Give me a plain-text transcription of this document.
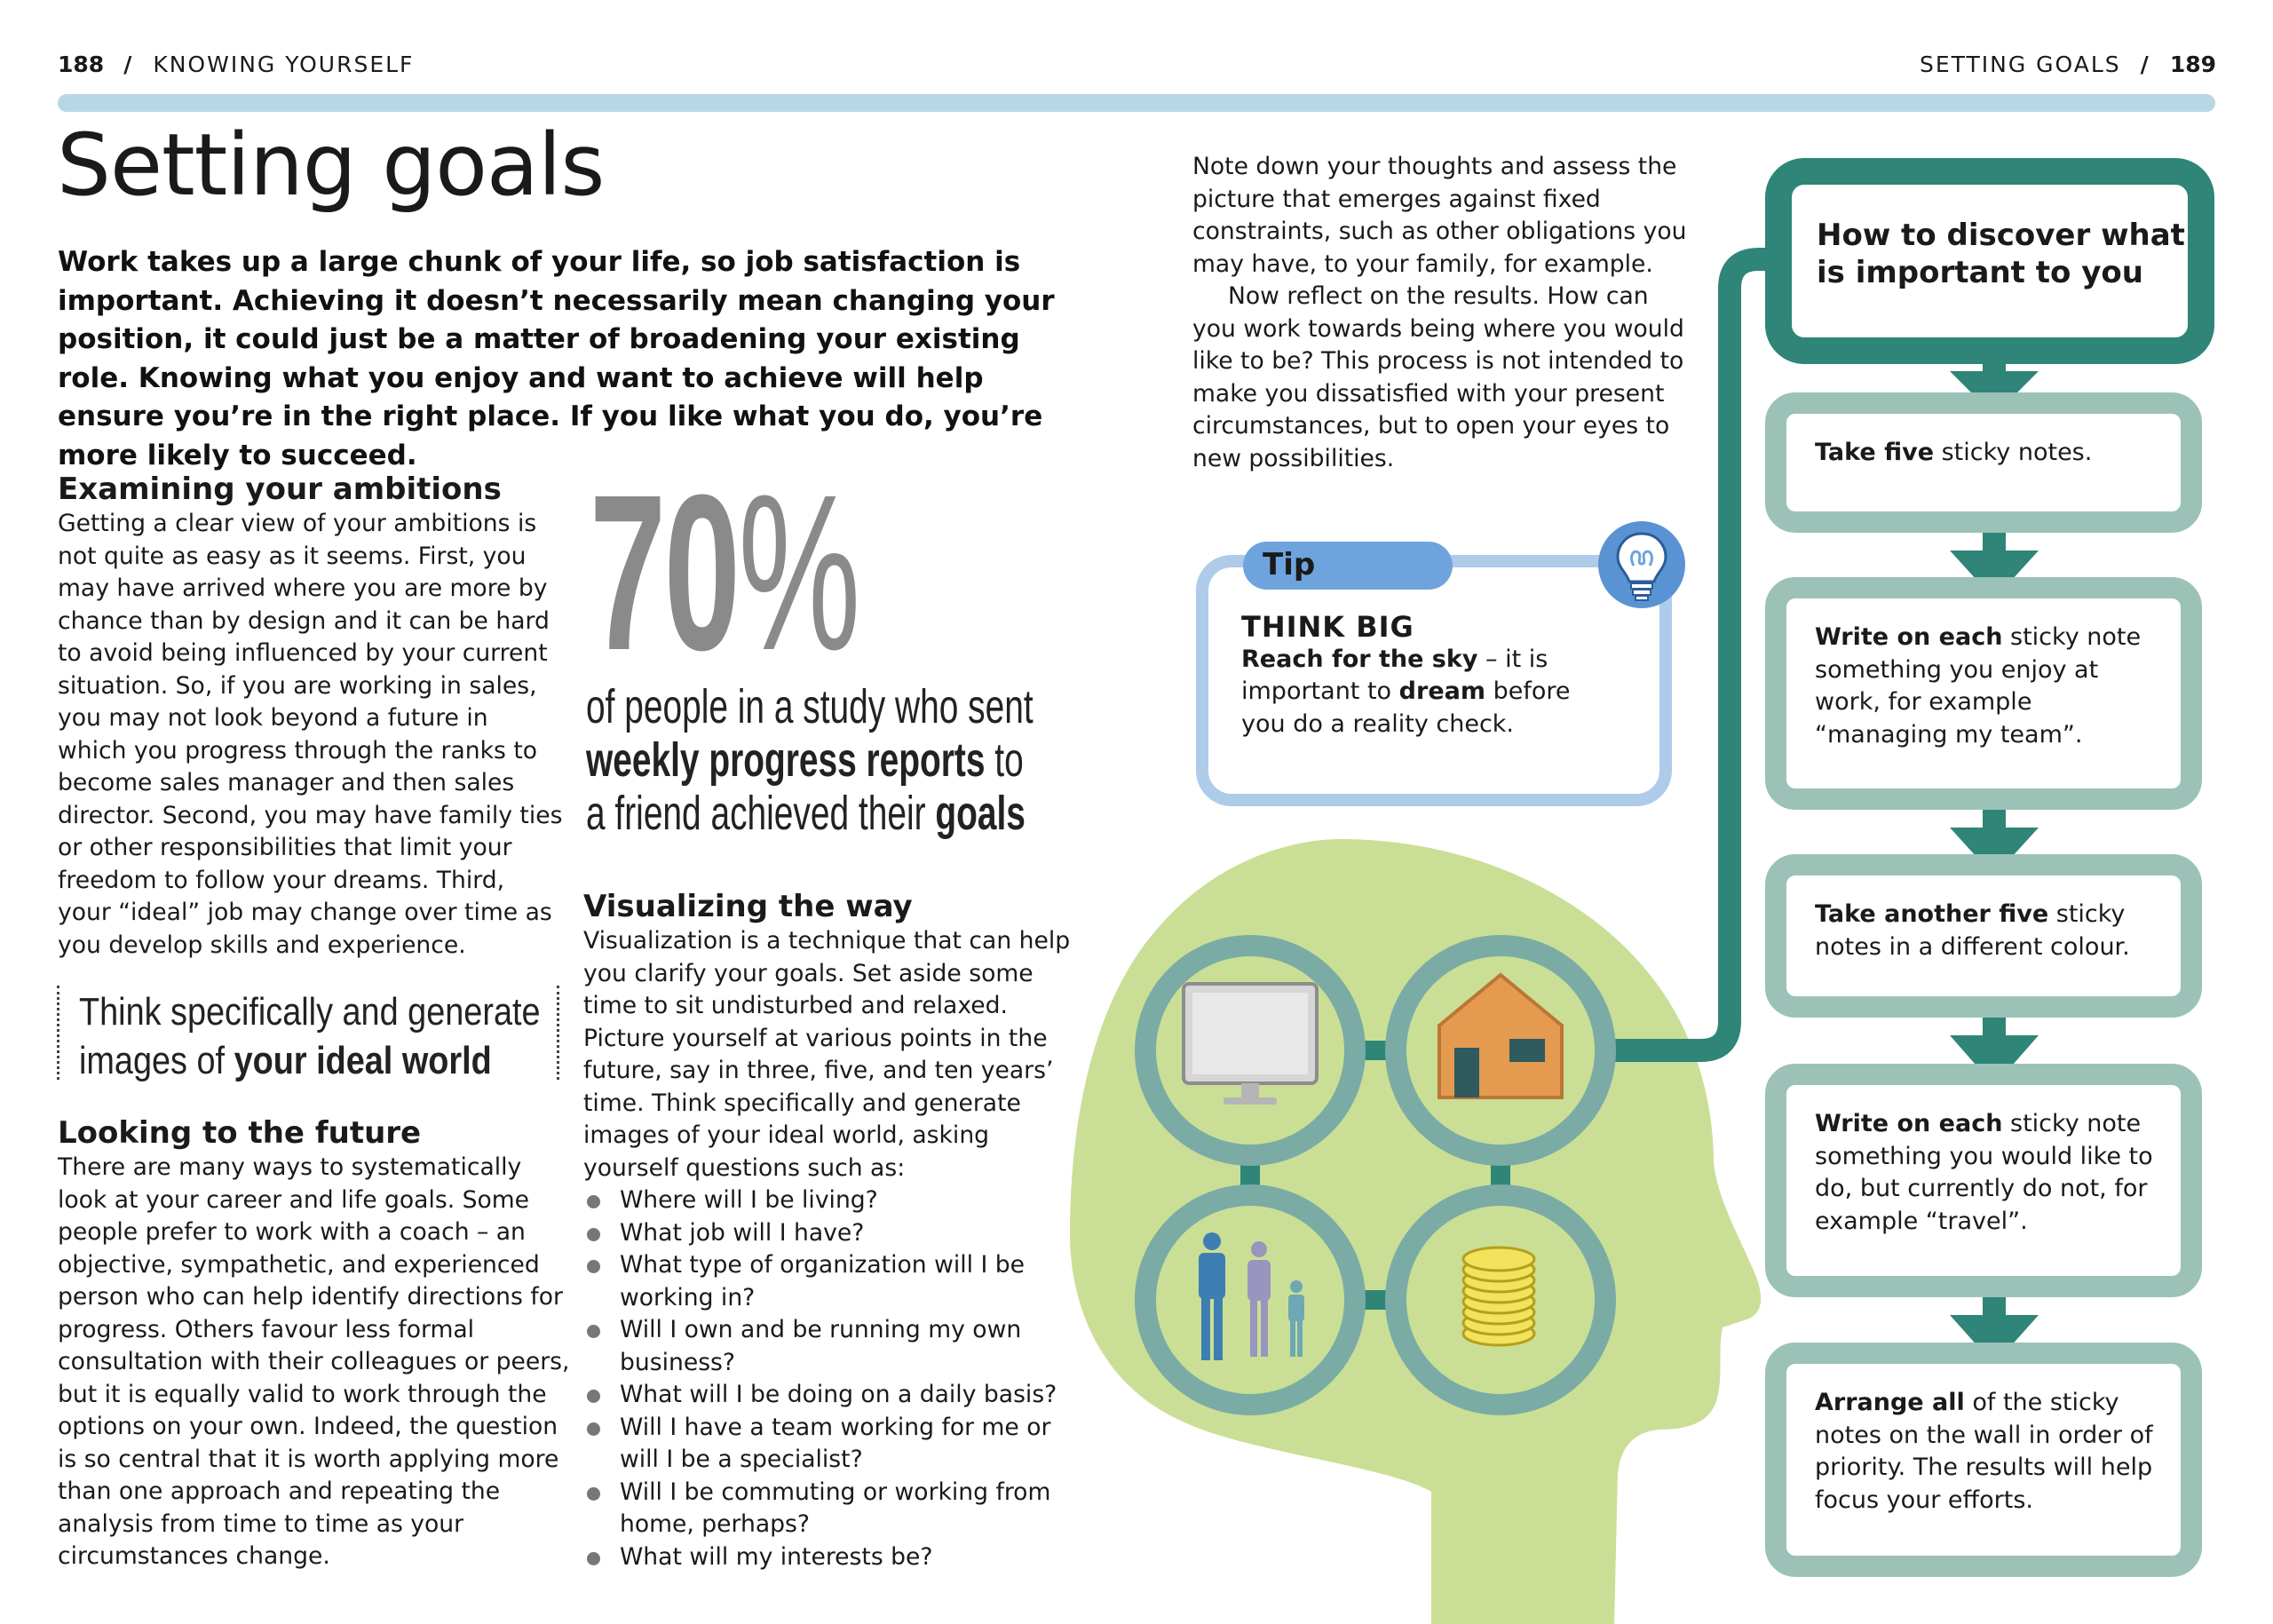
188 / KNOWING YOURSELF	SETTING GOALS / 189
Setting goals
Work takes up a large chunk of your life, so job satisfaction is important. Achieving it doesn’t necessarily mean changing your position, it could just be a matter of broadening your existing role. Knowing what you enjoy and want to achieve will help ensure you’re in the right place. If you like what you do, you’re more likely to succeed.
Examining your ambitions

Getting a clear view of your ambitions is not quite as easy as it seems. First, you may have arrived where you are more by chance than by design and it can be hard to avoid being influenced by your current situation. So, if you are working in sales, you may not look beyond a future in which you progress through the ranks to become sales manager and then sales director. Second, you may have family ties or other responsibilities that limit your freedom to follow your dreams. Third, your “ideal” job may change over time as you develop skills and experience.

Think specifically and generate
images of your ideal world
Looking to the future

There are many ways to systematically look at your career and life goals. Some people prefer to work with a coach – an objective, sympathetic, and experienced person who can help identify directions for progress. Others favour less formal consultation with their colleagues or peers, but it is equally valid to work through the options on your own. Indeed, the question is so central that it is worth applying more than one approach and repeating the analysis from time to time as your circumstances change.

70%
of people in a study who sent
weekly progress reports to
a friend achieved their goals
Visualizing the way

Visualization is a technique that can help you clarify your goals. Set aside some time to sit undisturbed and relaxed. Picture yourself at various points in the future, say in three, five, and ten years’ time. Think specifically and generate images of your ideal world, asking yourself questions such as:

Where will I be living?
What job will I have?
What type of organization will I be working in?
Will I own and be running my own business?
What will I be doing on a daily basis?
Will I have a team working for me or will I be a specialist?
Will I be commuting or working from home, perhaps?
What will my interests be?

Note down your thoughts and assess the picture that emerges against fixed constraints, such as other obligations you may have, to your family, for example.

Now reflect on the results. How can you work towards being where you would like to be? This process is not intended to make you dissatisfied with your present circumstances, but to open your eyes to new possibilities.

Tip
THINK BIG
Reach for the sky – it is important to dream before you do a reality check.
How to discover what is important to you
Take five sticky notes.
Write on each sticky note something you enjoy at work, for example “managing my team”.
Take another five sticky notes in a different colour.
Write on each sticky note something you would like to do, but currently do not, for example “travel”.
Arrange all of the sticky notes on the wall in order of priority. The results will help focus your efforts.
